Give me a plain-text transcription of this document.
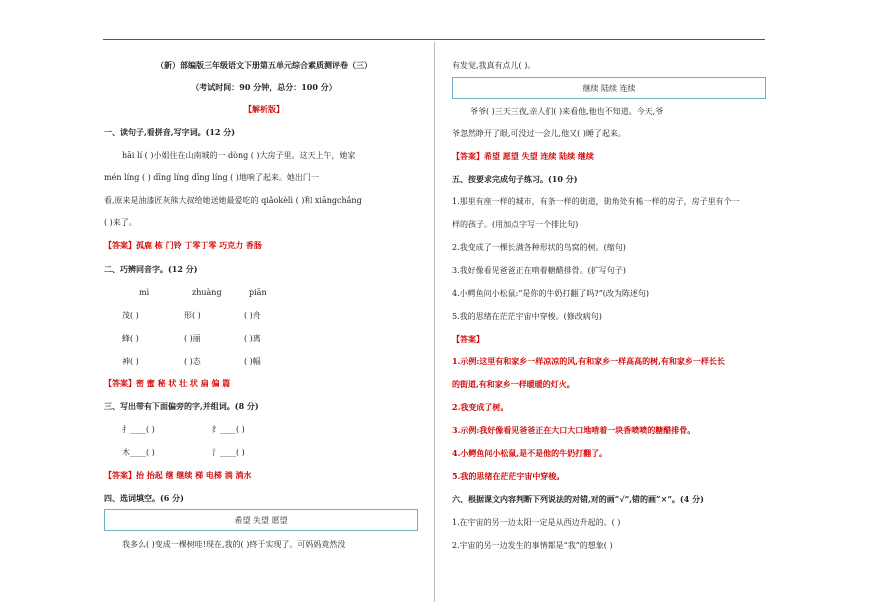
（新）部编版三年级语文下册第五单元综合素质测评卷（三）
（考试时间：90 分钟，总分：100 分）
【解析版】
一、读句子,看拼音,写字词。(12 分)
hāi lí ( )小姐住在山南城的一 dòng ( )大房子里。这天上午，她家
mén líng ( ) dīng líng dīng líng ( )地响了起来。她出门一
看,原来是油漆匠灰熊大叔给她送她最爱吃的 qiǎokèlì ( )和 xiāngchǎng
( )来了。
【答案】孤鹿 栋 门铃 丁零丁零 巧克力 香肠
二、巧辨同音字。(12 分)
mì	zhuàng	piān
茂( )	形( )	( )舟
蜂( )	( )丽	( )离
神( )	( )态	( )幅
【答案】密 蜜 秘 状 壮 状 扁 偏 篇
三、写出带有下面偏旁的字,并组词。(8 分)
扌____( )	纟____( )
木____( )	氵____( )
【答案】抬 抬起 继 继续 梯 电梯 淌 淌水
四、选词填空。(6 分)
希望 失望 愿望
我多么( )变成一棵树哇!现在,我的( )终于实现了。可妈妈竟然没
有发觉,我真有点儿( )。
继续 陆续 连续
爷爷( )三天三夜,亲人们( )来看他,他也不知道。今天,爷
爷忽然睁开了眼,可没过一会儿,他又( )睡了起来。
【答案】希望 愿望 失望 连续 陆续 继续
五、按要求完成句子练习。(10 分)
1.那里有座一样的城市，有条一样的街道，街角处有栋一样的房子，房子里有个一
样的孩子。(用加点字写一个排比句)
2.我变成了一棵长满各种形状的鸟窝的树。(缩句)
3.我好像看见爸爸正在啃着糖醋排骨。(扩写句子)
4.小鳄鱼问小松鼠:“是你的牛奶打翻了吗?”(改为陈述句)
5.我的思绪在茫茫宇宙中穿梭。(修改病句)
【答案】
1.示例:这里有和家乡一样凉凉的风,有和家乡一样高高的树,有和家乡一样长长
的街道,有和家乡一样暖暖的灯火。
2.我变成了树。
3.示例:我好像看见爸爸正在大口大口地啃着一块香喷喷的糖醋排骨。
4.小鳄鱼问小松鼠,是不是他的牛奶打翻了。
5.我的思绪在茫茫宇宙中穿梭。
六、根据课文内容判断下列说法的对错,对的画“√”,错的画“×”。(4 分)
1.在宇宙的另一边太阳一定是从西边升起的。( )
2.宇宙的另一边发生的事情都是“我”的想象( )
